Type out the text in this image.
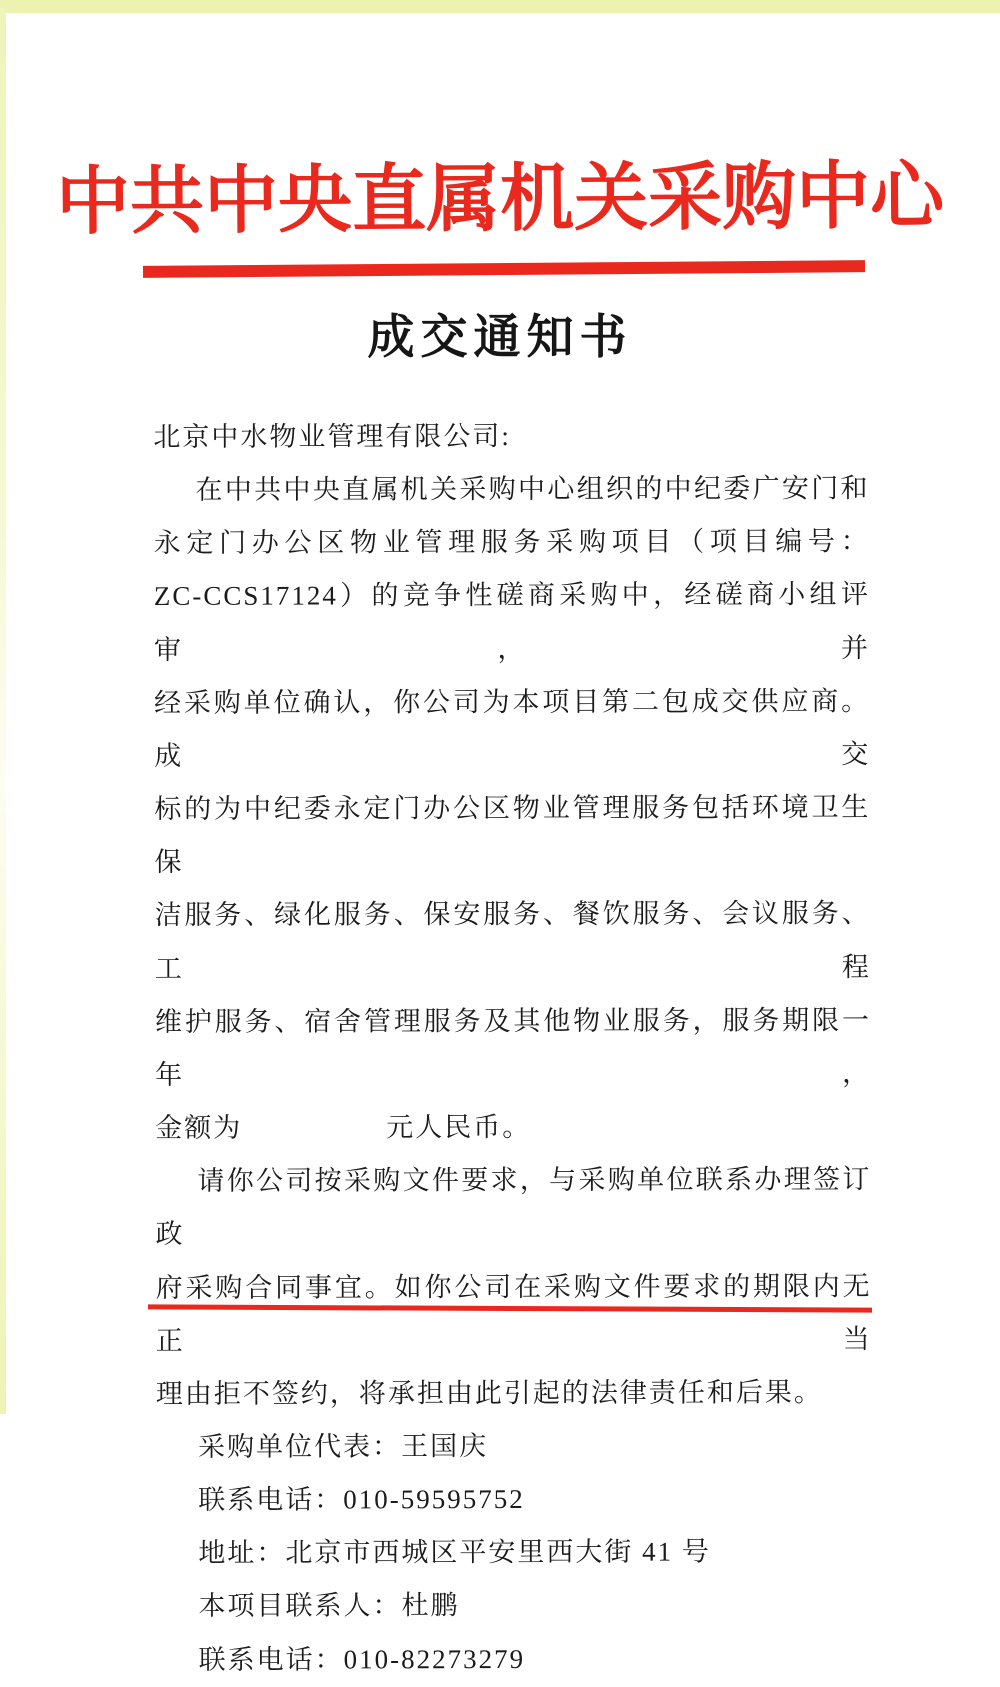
中共中央直属机关采购中心
成交通知书
北京中水物业管理有限公司:
在中共中央直属机关采购中心组织的中纪委广安门和
永定门办公区物业管理服务采购项目（项目编号：
ZC-CCS17124）的竞争性磋商采购中，经磋商小组评审，并
经采购单位确认，你公司为本项目第二包成交供应商。成交
标的为中纪委永定门办公区物业管理服务包括环境卫生保
洁服务、绿化服务、保安服务、餐饮服务、会议服务、工程
维护服务、宿舍管理服务及其他物业服务，服务期限一年，
金额为	元人民币。
请你公司按采购文件要求，与采购单位联系办理签订政
府采购合同事宜。如你公司在采购文件要求的期限内无正当
理由拒不签约，将承担由此引起的法律责任和后果。
采购单位代表：王国庆
联系电话：010-59595752
地址：北京市西城区平安里西大街 41 号
本项目联系人：杜鹏
联系电话：010-82273279
